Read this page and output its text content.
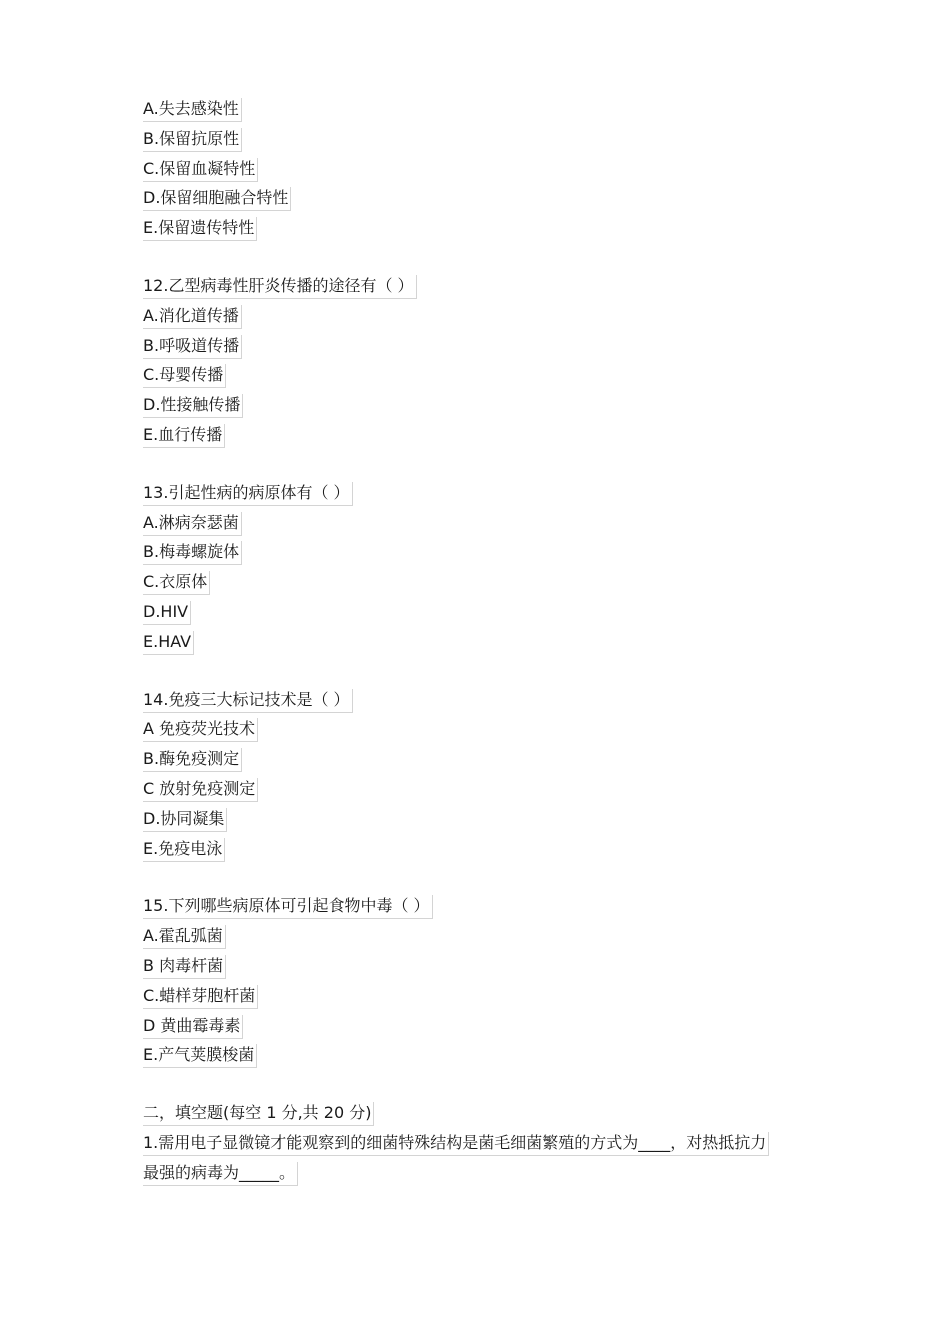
A.失去感染性
B.保留抗原性
C.保留血凝特性
D.保留细胞融合特性
E.保留遗传特性
12.乙型病毒性肝炎传播的途径有（ ）
A.消化道传播
B.呼吸道传播
C.母婴传播
D.性接触传播
E.血行传播
13.引起性病的病原体有（ ）
A.淋病奈瑟菌
B.梅毒螺旋体
C.衣原体
D.HIV
E.HAV
14.免疫三大标记技术是（ ）
A 免疫荧光技术
B.酶免疫测定
C 放射免疫测定
D.协同凝集
E.免疫电泳
15.下列哪些病原体可引起食物中毒（ ）
A.霍乱弧菌
B 肉毒杆菌
C.蜡样芽胞杆菌
D 黄曲霉毒素
E.产气荚膜梭菌
二，填空题(每空 1 分,共 20 分)
1.需用电子显微镜才能观察到的细菌特殊结构是菌毛细菌繁殖的方式为____，对热抵抗力
最强的病毒为_____。
